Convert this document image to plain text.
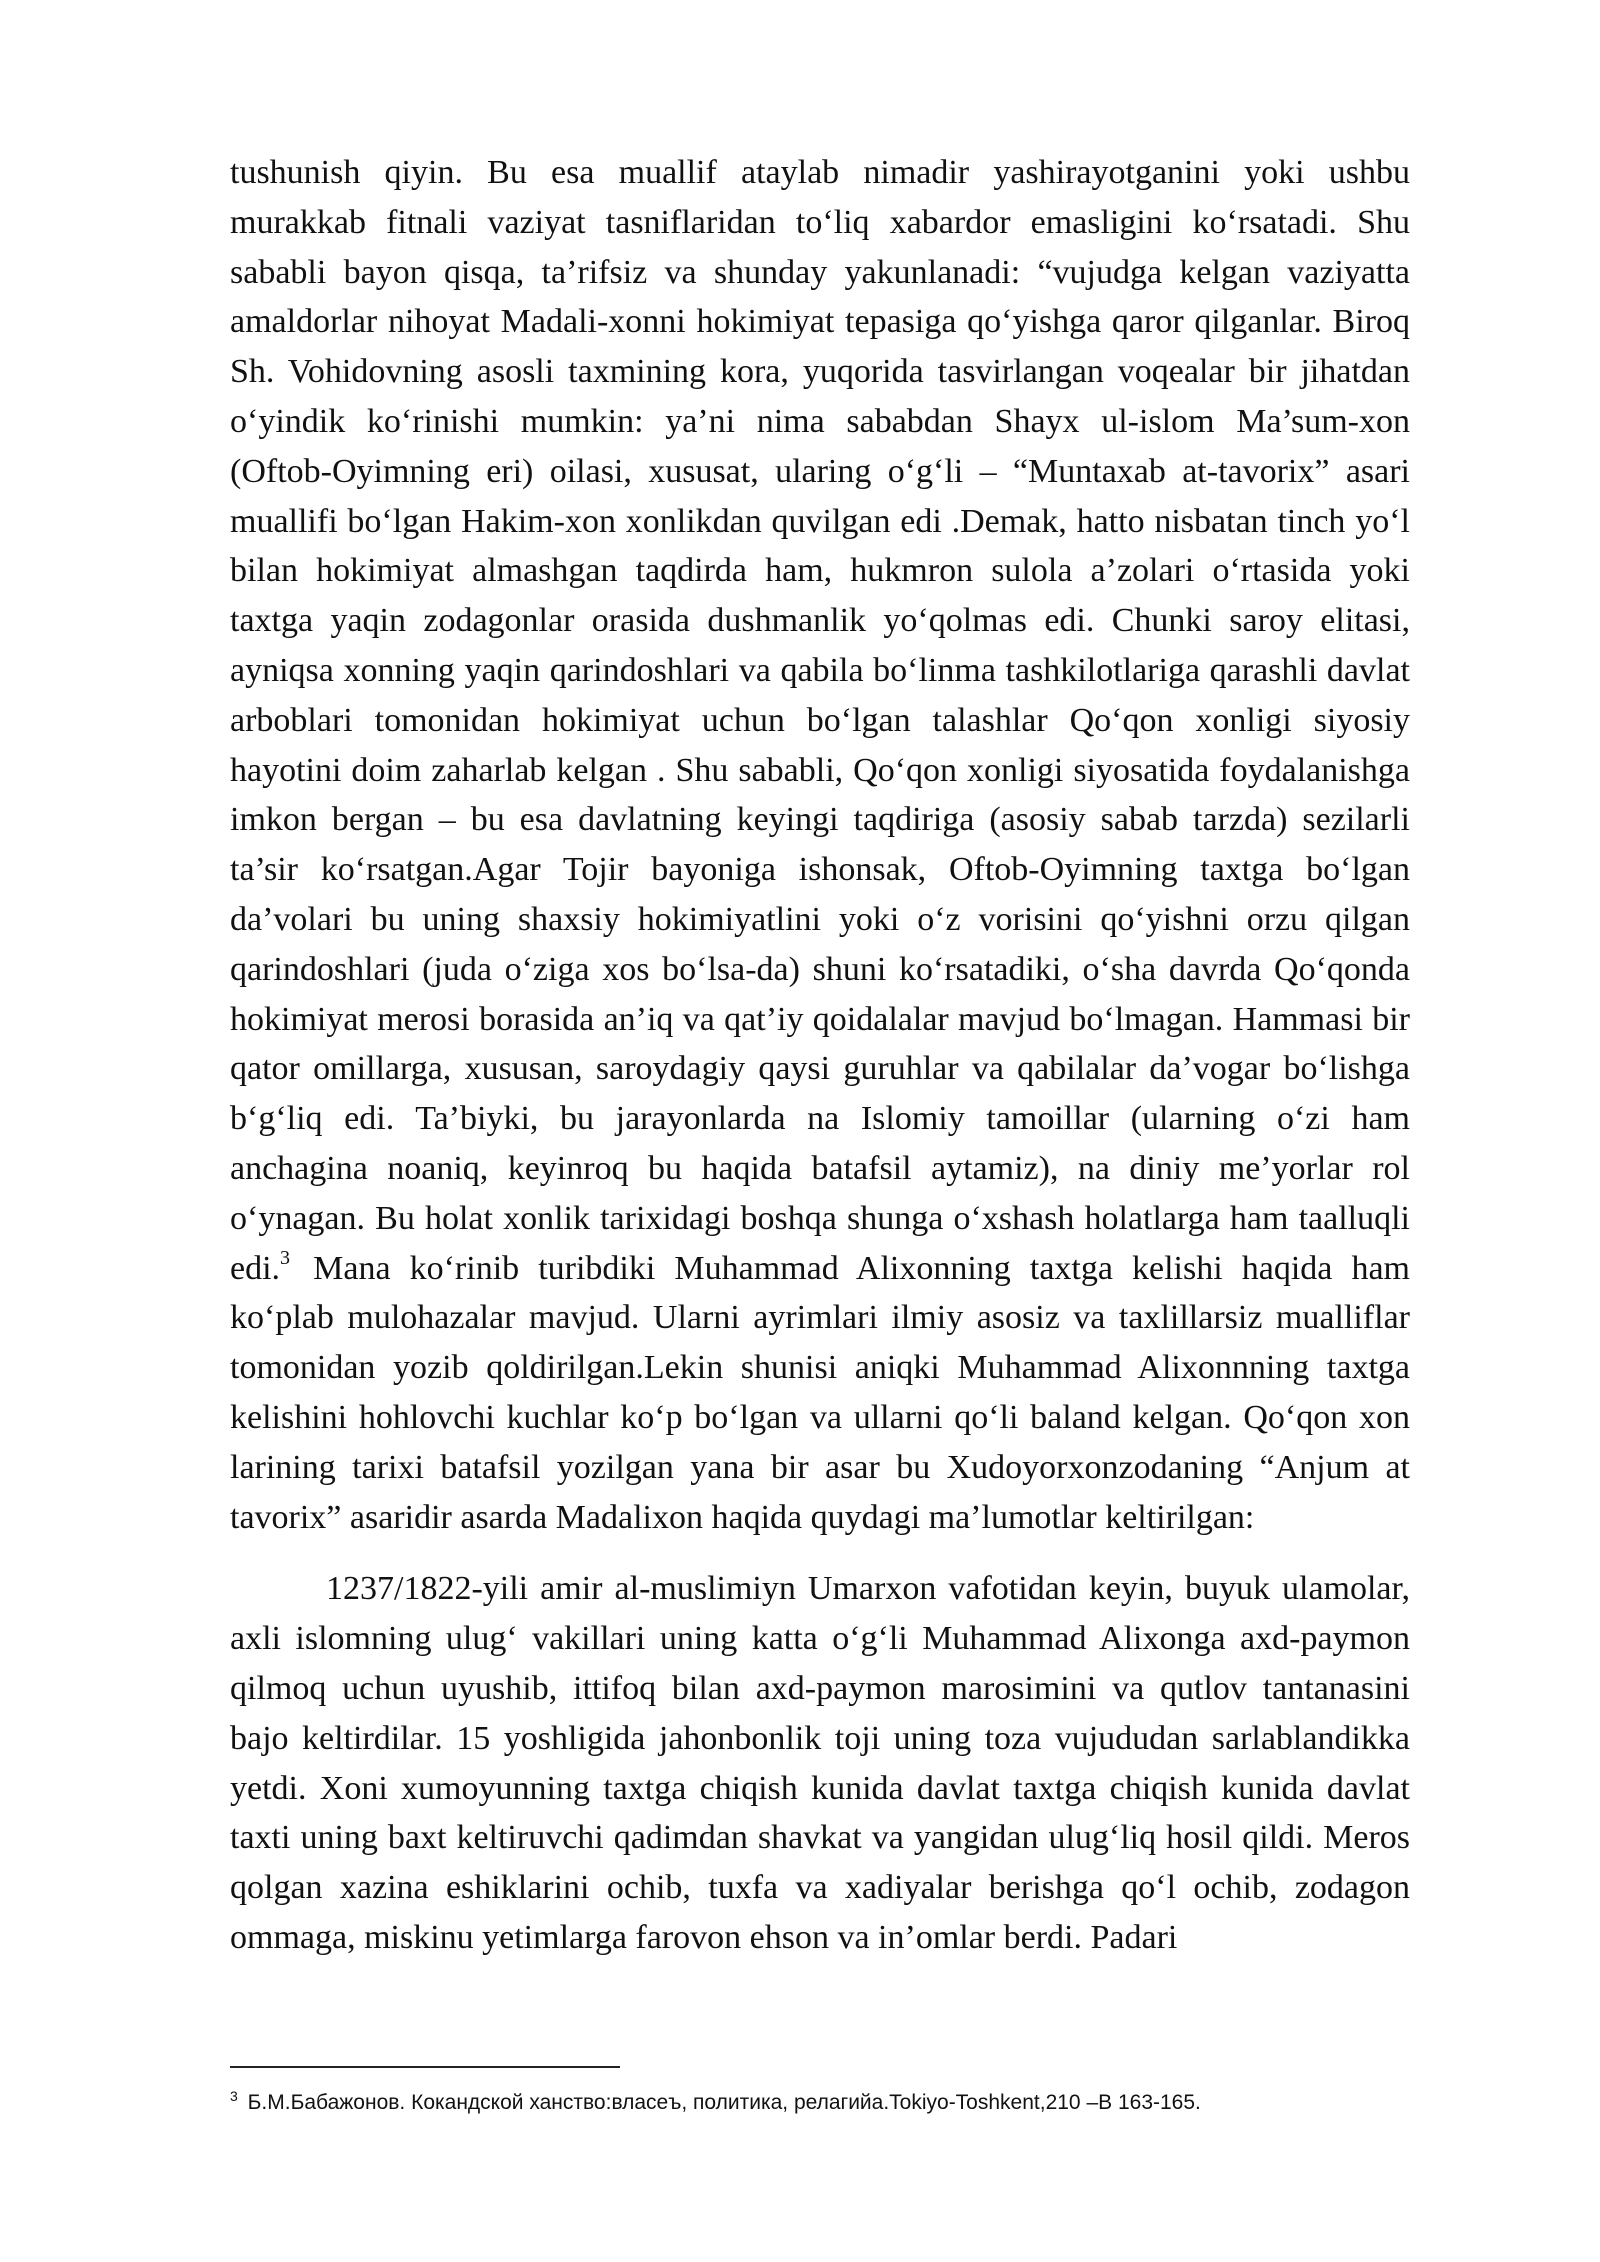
tushunish qiyin. Bu esa muallif ataylab nimadir yashirayotganini yoki ushbu murakkab fitnali vaziyat tasniflaridan to‘liq xabardor emasligini ko‘rsatadi. Shu sababli bayon qisqa, ta’rifsiz va shunday yakunlanadi: “vujudga kelgan vaziyatta amaldorlar nihoyat Madali-xonni hokimiyat tepasiga qo‘yishga qaror qilganlar. Biroq Sh. Vohidovning asosli taxmining kora, yuqorida tasvirlangan voqealar bir jihatdan o‘yindik ko‘rinishi mumkin: ya’ni nima sababdan Shayx ul-islom Ma’sum-xon (Oftob-Oyimning eri) oilasi, xususat, ularing o‘g‘li – “Muntaxab at-tavorix” asari muallifi bo‘lgan Hakim-xon xonlikdan quvilgan edi .Demak, hatto nisbatan tinch yo‘l bilan hokimiyat almashgan taqdirda ham, hukmron sulola a’zolari o‘rtasida yoki taxtga yaqin zodagonlar orasida dushmanlik yo‘qolmas edi. Chunki saroy elitasi, ayniqsa xonning yaqin qarindoshlari va qabila bo‘linma tashkilotlariga qarashli davlat arboblari tomonidan hokimiyat uchun bo‘lgan talashlar Qo‘qon xonligi siyosiy hayotini doim zaharlab kelgan . Shu sababli, Qo‘qon xonligi siyosatida foydalanishga imkon bergan – bu esa davlatning keyingi taqdiriga (asosiy sabab tarzda) sezilarli ta’sir ko‘rsatgan.Agar Tojir bayoniga ishonsak, Oftob-Oyimning taxtga bo‘lgan da’volari bu uning shaxsiy hokimiyatlini yoki o‘z vorisini qo‘yishni orzu qilgan qarindoshlari (juda o‘ziga xos bo‘lsa-da) shuni ko‘rsatadiki, o‘sha davrda Qo‘qonda hokimiyat merosi borasida an’iq va qat’iy qoidalalar mavjud bo‘lmagan. Hammasi bir qator omillarga, xususan, saroydagiy qaysi guruhlar va qabilalar da’vogar bo‘lishga b‘g‘liq edi. Ta’biyki, bu jarayonlarda na Islomiy tamoillar (ularning o‘zi ham anchagina noaniq, keyinroq bu haqida batafsil aytamiz), na diniy me’yorlar rol o‘ynagan. Bu holat xonlik tarixidagi boshqa shunga o‘xshash holatlarga ham taalluqli edi.$^3$ Mana ko‘rinib turibdiki Muhammad Alixonning taxtga kelishi haqida ham ko‘plab mulohazalar mavjud. Ularni ayrimlari ilmiy asosiz va taxlillarsiz mualliflar tomonidan yozib qoldirilgan.Lekin shunisi aniqki Muhammad Alixonnning taxtga kelishini hohlovchi kuchlar ko‘p bo‘lgan va ullarni qo‘li baland kelgan. Qo‘qon xon larining tarixi batafsil yozilgan yana bir asar bu Xudoyorxonzodaning “Anjum at tavorix” asaridir asarda Madalixon haqida quydagi ma’lumotlar keltirilgan:

1237/1822-yili amir al-muslimiyn Umarxon vafotidan keyin, buyuk ulamolar, axli islomning ulug‘ vakillari uning katta o‘g‘li Muhammad Alixonga axd-paymon qilmoq uchun uyushib, ittifoq bilan axd-paymon marosimini va qutlov tantanasini bajo keltirdilar. 15 yoshligida jahonbonlik toji uning toza vujududan sarlablandikka yetdi. Xoni xumoyunning taxtga chiqish kunida davlat taxtga chiqish kunida davlat taxti uning baxt keltiruvchi qadimdan shavkat va yangidan ulug‘liq hosil qildi. Meros qolgan xazina eshiklarini ochib, tuxfa va xadiyalar berishga qo‘l ochib, zodagon ommaga, miskinu yetimlarga farovon ehson va in’omlar berdi. Padari

$^3$ Б.М.Бабажонов. Кокандской ханство:власеъ, политика, релагийа.Tokiyo-Toshkent,210 –B 163-165.
